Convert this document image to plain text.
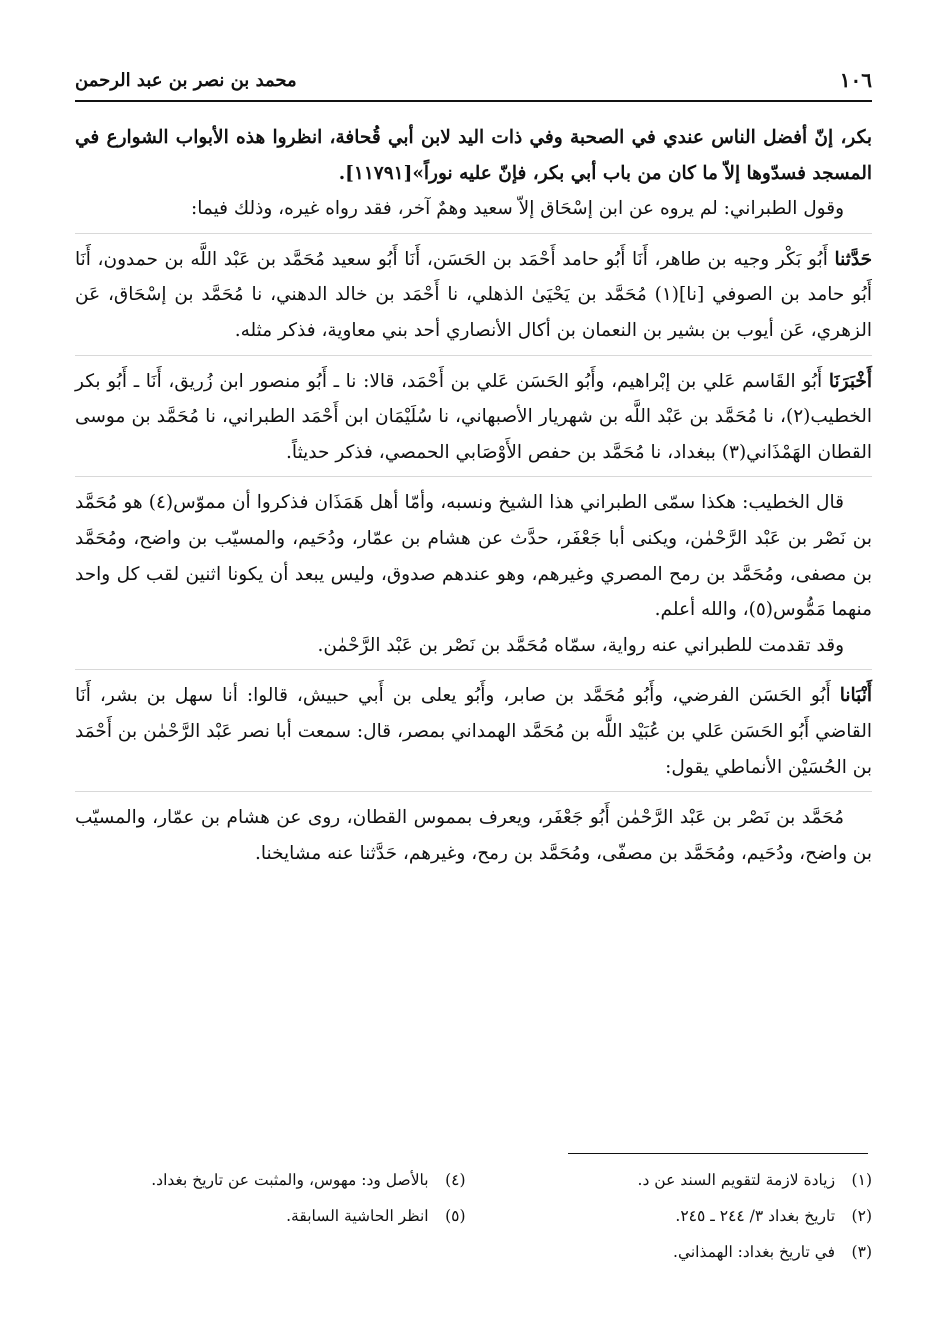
١٠٦
محمد بن نصر بن عبد الرحمن

بكر، إنّ أفضل الناس عندي في الصحبة وفي ذات اليد لابن أبي قُحافة، انظروا هذه الأبواب الشوارع في المسجد فسدّوها إلاّ ما كان من باب أبي بكر، فإنّ عليه نوراً»[١١٧٩١].

وقول الطبراني: لم يروه عن ابن إسْحَاق إلاّ سعيد وهمٌ آخر، فقد رواه غيره، وذلك فيما:

حَدَّثنا أَبُو بَكْر وجيه بن طاهر، أَنَا أَبُو حامد أَحْمَد بن الحَسَن، أَنَا أَبُو سعيد مُحَمَّد بن عَبْد اللَّه بن حمدون، أَنَا أَبُو حامد بن الصوفي [نا](١) مُحَمَّد بن يَحْيَىٰ الذهلي، نا أَحْمَد بن خالد الدهني، نا مُحَمَّد بن إسْحَاق، عَن الزهري، عَن أيوب بن بشير بن النعمان بن أكال الأنصاري أحد بني معاوية، فذكر مثله.

أَخْبَرَنَا أَبُو القَاسم عَلي بن إبْراهيم، وأَبُو الحَسَن عَلي بن أَحْمَد، قالا: نا ـ أَبُو منصور ابن زُريق، أَنَا ـ أَبُو بكر الخطيب(٢)، نا مُحَمَّد بن عَبْد اللَّه بن شهريار الأصبهاني، نا سُلَيْمَان ابن أَحْمَد الطبراني، نا مُحَمَّد بن موسى القطان الهَمْذَاني(٣) ببغداد، نا مُحَمَّد بن حفص الأَوْصَابي الحمصي، فذكر حديثاً.

قال الخطيب: هكذا سمّى الطبراني هذا الشيخ ونسبه، وأمّا أهل هَمَذَان فذكروا أن مموّس(٤) هو مُحَمَّد بن نَصْر بن عَبْد الرَّحْمٰن، ويكنى أبا جَعْفَر، حدَّث عن هشام بن عمّار، ودُحَيم، والمسيّب بن واضح، ومُحَمَّد بن مصفى، ومُحَمَّد بن رمح المصري وغيرهم، وهو عندهم صدوق، وليس يبعد أن يكونا اثنين لقب كل واحد منهما مَمُّوس(٥)، والله أعلم.

وقد تقدمت للطبراني عنه رواية، سمّاه مُحَمَّد بن نَصْر بن عَبْد الرَّحْمٰن.

أَنْبَانا أَبُو الحَسَن الفرضي، وأَبُو مُحَمَّد بن صابر، وأَبُو يعلى بن أَبي حبيش، قالوا: أنا سهل بن بشر، أَنَا القاضي أَبُو الحَسَن عَلي بن عُبَيْد اللَّه بن مُحَمَّد الهمداني بمصر، قال: سمعت أبا نصر عَبْد الرَّحْمٰن بن أَحْمَد بن الحُسَيْن الأنماطي يقول:

مُحَمَّد بن نَصْر بن عَبْد الرَّحْمٰن أَبُو جَعْفَر، ويعرف بمموس القطان، روى عن هشام بن عمّار، والمسيّب بن واضح، ودُحَيم، ومُحَمَّد بن مصفّى، ومُحَمَّد بن رمح، وغيرهم، حَدَّثنا عنه مشايخنا.

(١) زيادة لازمة لتقويم السند عن د.
(٢) تاريخ بغداد ٣/ ٢٤٤ ـ ٢٤٥.
(٣) في تاريخ بغداد: الهمذاني.
(٤) بالأصل ود: مهوس، والمثبت عن تاريخ بغداد.
(٥) انظر الحاشية السابقة.
